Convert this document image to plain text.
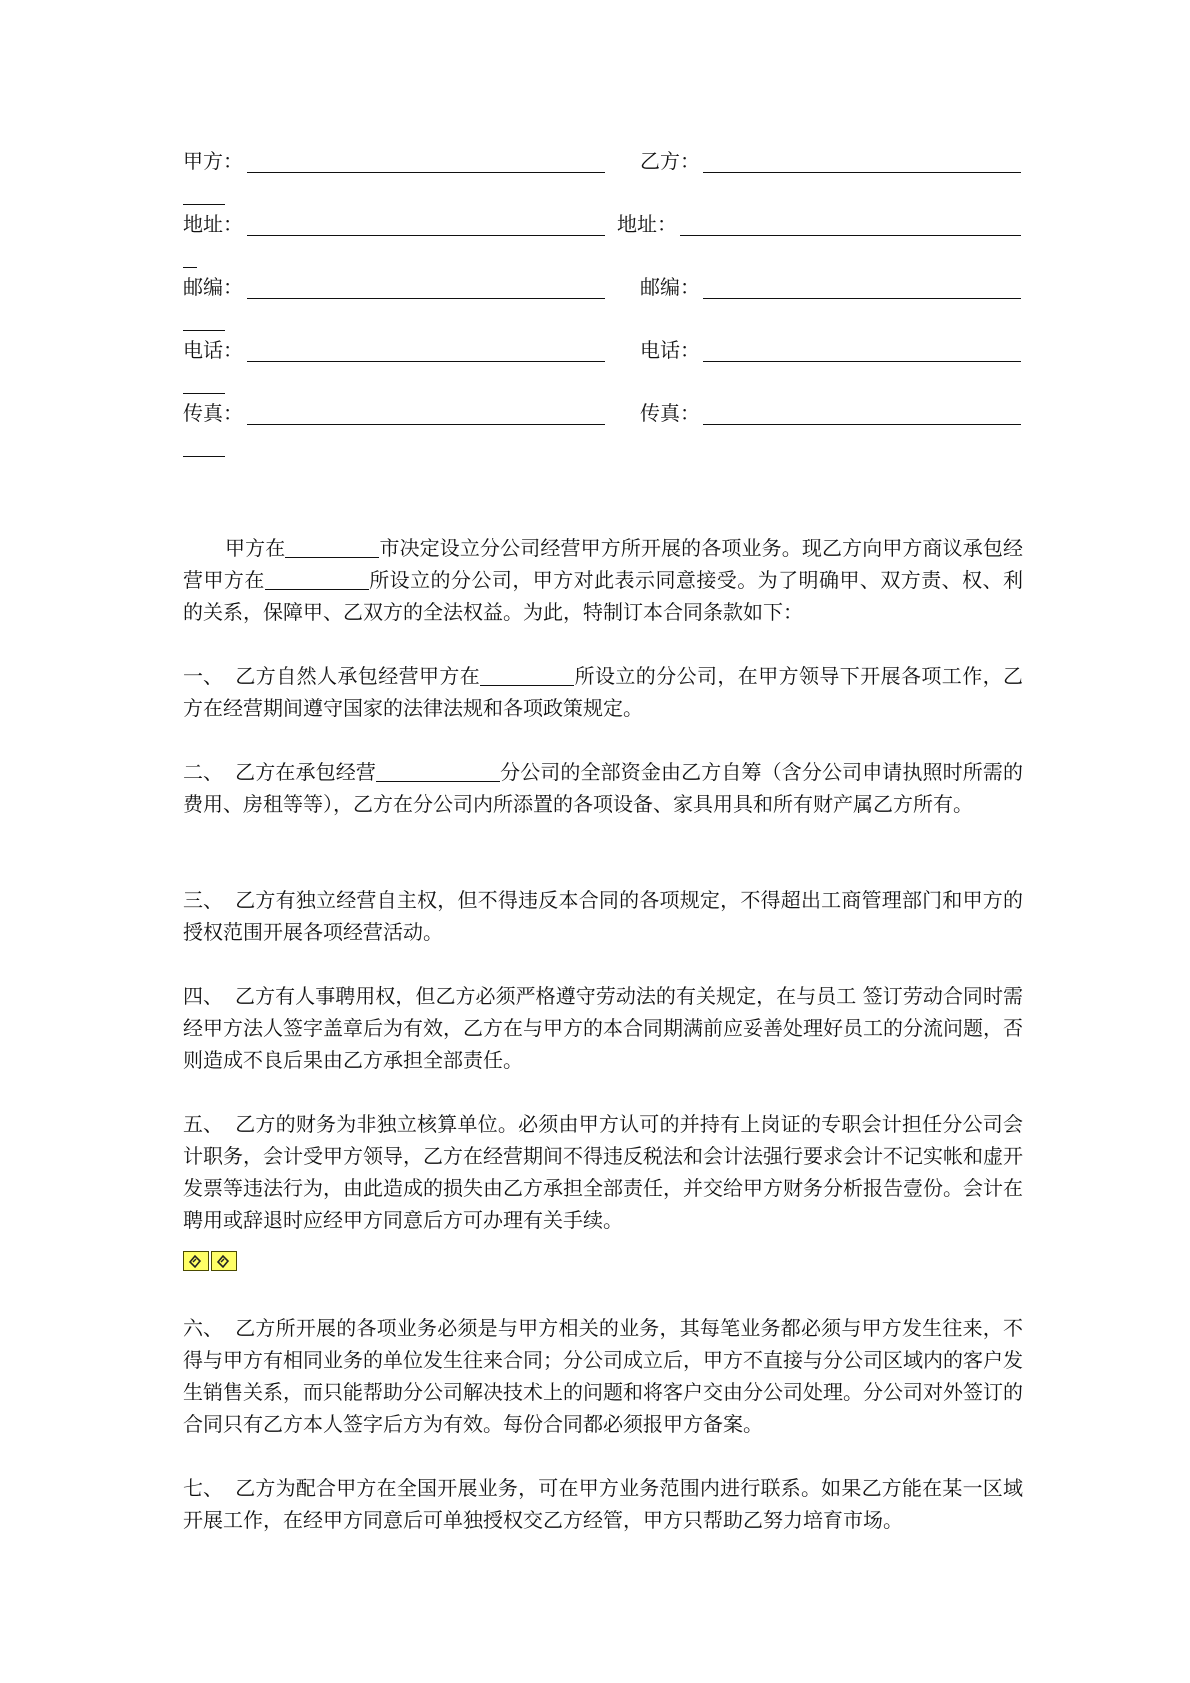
甲方：	乙方：
地址：	地址：
邮编：	邮编：
电话：	电话：
传真：	传真：

甲方在	市决定设立分公司经营甲方所开展的各项业务。现乙方向甲方商议承包经营甲方在	所设立的分公司，甲方对此表示同意接受。为了明确甲、双方责、权、利的关系，保障甲、乙双方的全法权益。为此，特制订本合同条款如下：

一、 乙方自然人承包经营甲方在	所设立的分公司，在甲方领导下开展各项工作，乙方在经营期间遵守国家的法律法规和各项政策规定。

二、 乙方在承包经营	分公司的全部资金由乙方自筹（含分公司申请执照时所需的费用、房租等等），乙方在分公司内所添置的各项设备、家具用具和所有财产属乙方所有。

三、 乙方有独立经营自主权，但不得违反本合同的各项规定，不得超出工商管理部门和甲方的授权范围开展各项经营活动。

四、 乙方有人事聘用权，但乙方必须严格遵守劳动法的有关规定，在与员工 签订劳动合同时需经甲方法人签字盖章后为有效，乙方在与甲方的本合同期满前应妥善处理好员工的分流问题，否则造成不良后果由乙方承担全部责任。

五、 乙方的财务为非独立核算单位。必须由甲方认可的并持有上岗证的专职会计担任分公司会计职务，会计受甲方领导，乙方在经营期间不得违反税法和会计法强行要求会计不记实帐和虚开发票等违法行为，由此造成的损失由乙方承担全部责任，并交给甲方财务分析报告壹份。会计在聘用或辞退时应经甲方同意后方可办理有关手续。

六、 乙方所开展的各项业务必须是与甲方相关的业务，其每笔业务都必须与甲方发生往来，不得与甲方有相同业务的单位发生往来合同；分公司成立后，甲方不直接与分公司区域内的客户发生销售关系，而只能帮助分公司解决技术上的问题和将客户交由分公司处理。分公司对外签订的合同只有乙方本人签字后方为有效。每份合同都必须报甲方备案。

七、 乙方为配合甲方在全国开展业务，可在甲方业务范围内进行联系。如果乙方能在某一区域开展工作，在经甲方同意后可单独授权交乙方经管，甲方只帮助乙努力培育市场。
